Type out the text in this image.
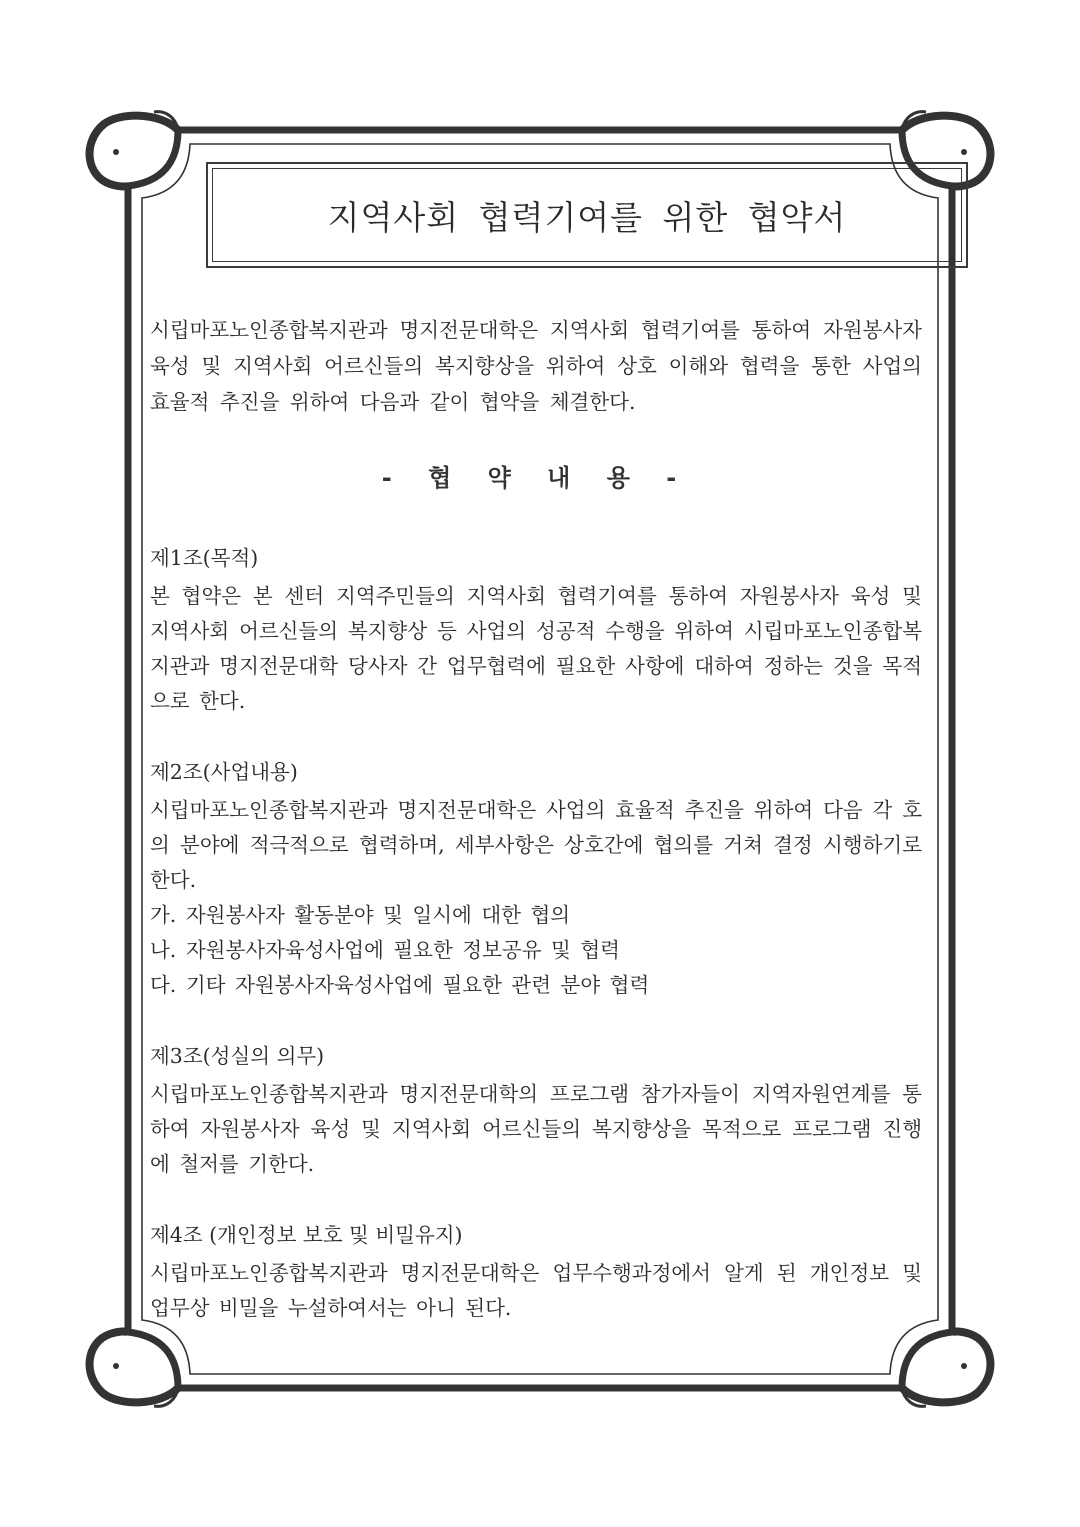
지역사회 협력기여를 위한 협약서

시립마포노인종합복지관과 명지전문대학은 지역사회 협력기여를 통하여 자원봉사자 육성 및 지역사회 어르신들의 복지향상을 위하여 상호 이해와 협력을 통한 사업의 효율적 추진을 위하여 다음과 같이 협약을 체결한다.

- 협 약 내 용 -

제1조(목적)

본 협약은 본 센터 지역주민들의 지역사회 협력기여를 통하여 자원봉사자 육성 및 지역사회 어르신들의 복지향상 등 사업의 성공적 수행을 위하여 시립마포노인종합복지관과 명지전문대학 당사자 간 업무협력에 필요한 사항에 대하여 정하는 것을 목적으로 한다.

제2조(사업내용)

시립마포노인종합복지관과 명지전문대학은 사업의 효율적 추진을 위하여 다음 각 호의 분야에 적극적으로 협력하며, 세부사항은 상호간에 협의를 거쳐 결정 시행하기로 한다.

가. 자원봉사자 활동분야 및 일시에 대한 협의
나. 자원봉사자육성사업에 필요한 정보공유 및 협력
다. 기타 자원봉사자육성사업에 필요한 관련 분야 협력

제3조(성실의 의무)

시립마포노인종합복지관과 명지전문대학의 프로그램 참가자들이 지역자원연계를 통하여 자원봉사자 육성 및 지역사회 어르신들의 복지향상을 목적으로 프로그램 진행에 철저를 기한다.

제4조 (개인정보 보호 및 비밀유지)

시립마포노인종합복지관과 명지전문대학은 업무수행과정에서 알게 된 개인정보 및 업무상 비밀을 누설하여서는 아니 된다.
